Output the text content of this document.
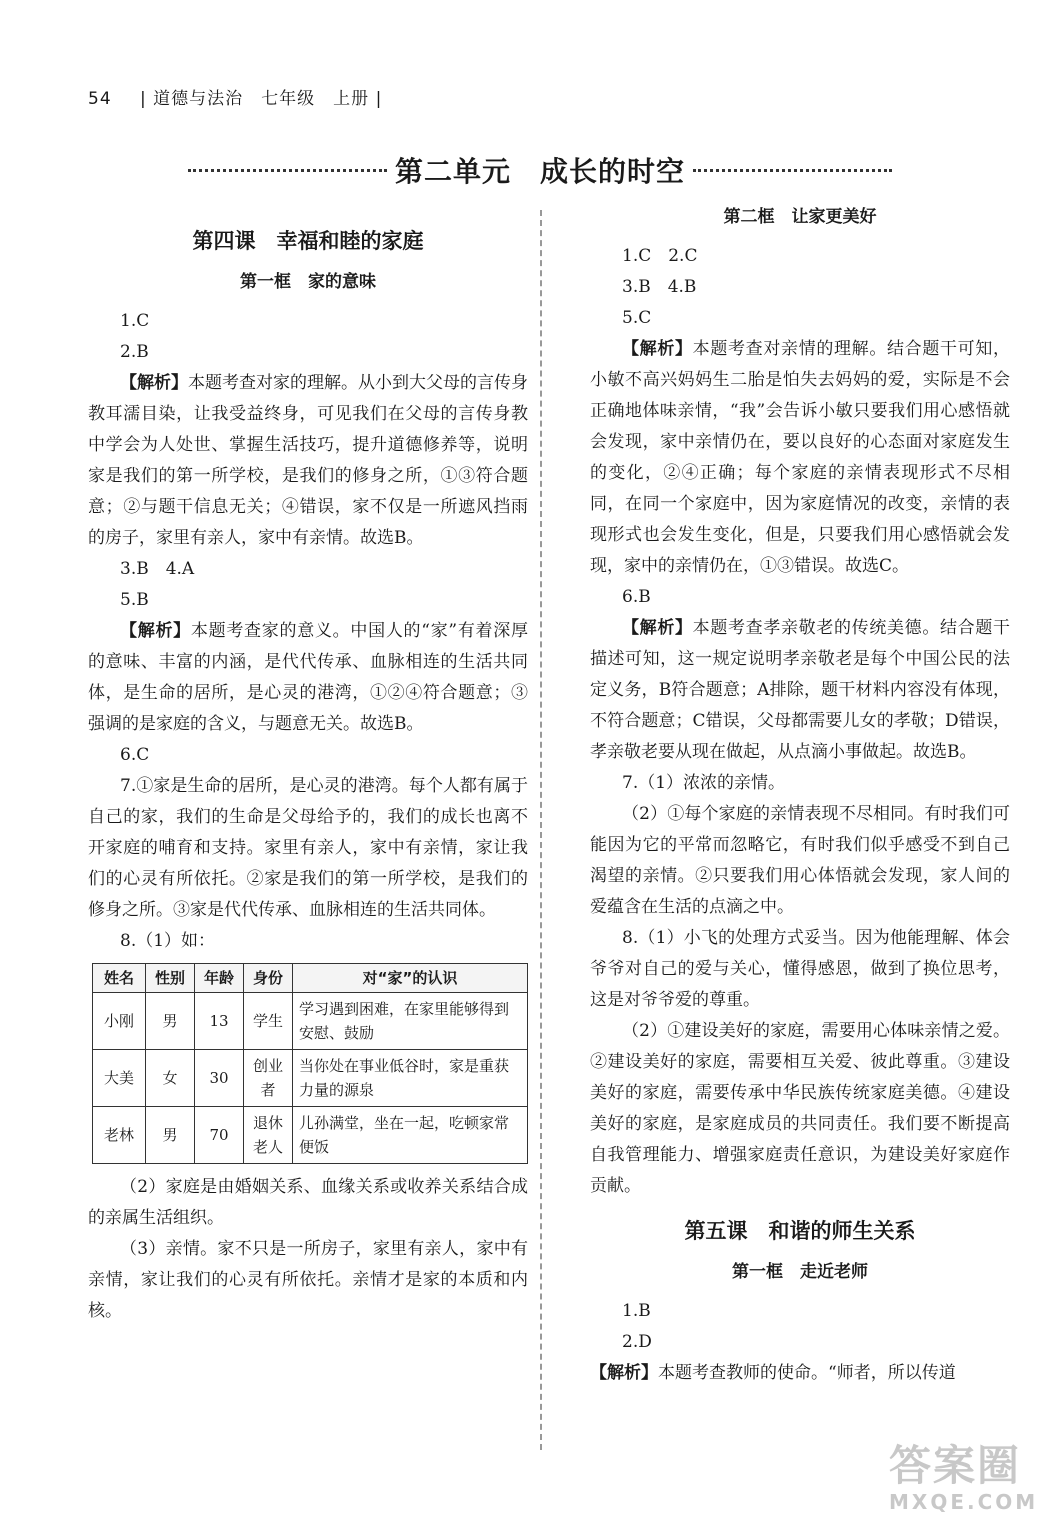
54 | 道德与法治　七年级　上册 |
第二单元　成长的时空
第四课　幸福和睦的家庭
第一框　家的意味
1.C
2.B

【解析】本题考查对家的理解。从小到大父母的言传身教耳濡目染，让我受益终身，可见我们在父母的言传身教中学会为人处世、掌握生活技巧，提升道德修养等，说明家是我们的第一所学校，是我们的修身之所，①③符合题意；②与题干信息无关；④错误，家不仅是一所遮风挡雨的房子，家里有亲人，家中有亲情。故选B。

3.B　4.A
5.B

【解析】本题考查家的意义。中国人的“家”有着深厚的意味、丰富的内涵，是代代传承、血脉相连的生活共同体，是生命的居所，是心灵的港湾，①②④符合题意；③强调的是家庭的含义，与题意无关。故选B。

6.C

7.①家是生命的居所，是心灵的港湾。每个人都有属于自己的家，我们的生命是父母给予的，我们的成长也离不开家庭的哺育和支持。家里有亲人，家中有亲情，家让我们的心灵有所依托。②家是我们的第一所学校，是我们的修身之所。③家是代代传承、血脉相连的生活共同体。

8.（1）如：
姓名	性别	年龄	身份	对“家”的认识
小刚	男	13	学生	学习遇到困难，在家里能够得到安慰、鼓励
大美	女	30	创业者	当你处在事业低谷时，家是重获力量的源泉
老林	男	70	退休老人	儿孙满堂，坐在一起，吃顿家常便饭

（2）家庭是由婚姻关系、血缘关系或收养关系结合成的亲属生活组织。

（3）亲情。家不只是一所房子，家里有亲人，家中有亲情，家让我们的心灵有所依托。亲情才是家的本质和内核。

第二框　让家更美好
1.C　2.C
3.B　4.B
5.C

【解析】本题考查对亲情的理解。结合题干可知，小敏不高兴妈妈生二胎是怕失去妈妈的爱，实际是不会正确地体味亲情，“我”会告诉小敏只要我们用心感悟就会发现，家中亲情仍在，要以良好的心态面对家庭发生的变化，②④正确；每个家庭的亲情表现形式不尽相同，在同一个家庭中，因为家庭情况的改变，亲情的表现形式也会发生变化，但是，只要我们用心感悟就会发现，家中的亲情仍在，①③错误。故选C。

6.B

【解析】本题考查孝亲敬老的传统美德。结合题干描述可知，这一规定说明孝亲敬老是每个中国公民的法定义务，B符合题意；A排除，题干材料内容没有体现，不符合题意；C错误，父母都需要儿女的孝敬；D错误，孝亲敬老要从现在做起，从点滴小事做起。故选B。

7.（1）浓浓的亲情。

（2）①每个家庭的亲情表现不尽相同。有时我们可能因为它的平常而忽略它，有时我们似乎感受不到自己渴望的亲情。②只要我们用心体悟就会发现，家人间的爱蕴含在生活的点滴之中。

8.（1）小飞的处理方式妥当。因为他能理解、体会爷爷对自己的爱与关心，懂得感恩，做到了换位思考，这是对爷爷爱的尊重。

（2）①建设美好的家庭，需要用心体味亲情之爱。②建设美好的家庭，需要相互关爱、彼此尊重。③建设美好的家庭，需要传承中华民族传统家庭美德。④建设美好的家庭，是家庭成员的共同责任。我们要不断提高自我管理能力、增强家庭责任意识，为建设美好家庭作贡献。

第五课　和谐的师生关系
第一框　走近老师
1.B
2.D

【解析】本题考查教师的使命。“师者，所以传道

答案圈
MXQE.COM
